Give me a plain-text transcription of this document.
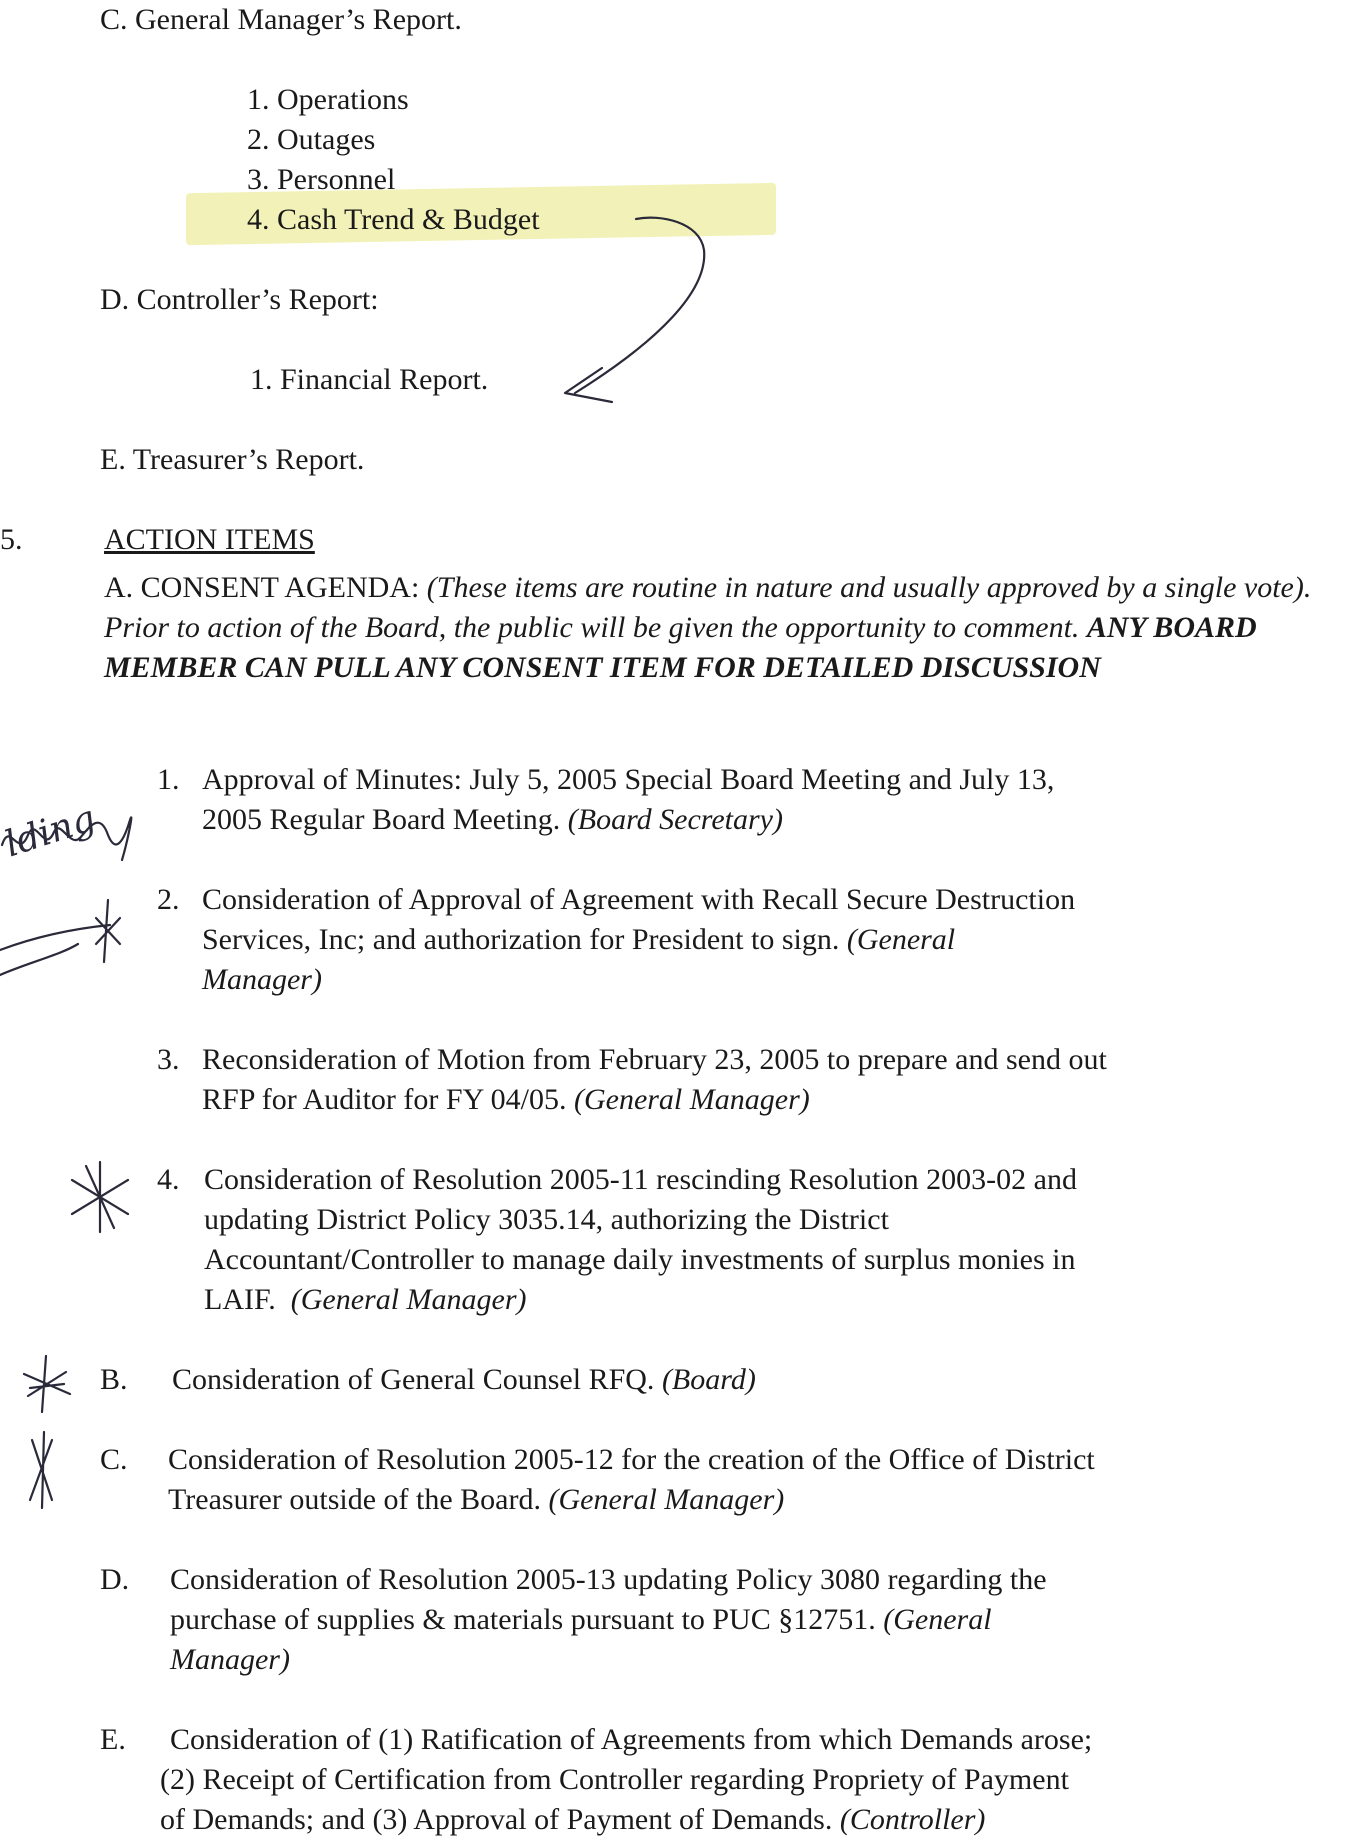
C. General Manager’s Report.
1. Operations
2. Outages
3. Personnel
4. Cash Trend & Budget
D. Controller’s Report:
1. Financial Report.
E. Treasurer’s Report.
5.	ACTION ITEMS
A. CONSENT AGENDA: (These items are routine in nature and usually approved by a single vote). Prior to action of the Board, the public will be given the opportunity to comment. ANY BOARD MEMBER CAN PULL ANY CONSENT ITEM FOR DETAILED DISCUSSION
1. Approval of Minutes: July 5, 2005 Special Board Meeting and July 13,
2005 Regular Board Meeting. (Board Secretary)
2. Consideration of Approval of Agreement with Recall Secure Destruction
Services, Inc; and authorization for President to sign. (General
Manager)
3. Reconsideration of Motion from February 23, 2005 to prepare and send out
RFP for Auditor for FY 04/05. (General Manager)
4. Consideration of Resolution 2005-11 rescinding Resolution 2003-02 and
updating District Policy 3035.14, authorizing the District
Accountant/Controller to manage daily investments of surplus monies in
LAIF. (General Manager)
B. Consideration of General Counsel RFQ. (Board)
C. Consideration of Resolution 2005-12 for the creation of the Office of District
Treasurer outside of the Board. (General Manager)
D. Consideration of Resolution 2005-13 updating Policy 3080 regarding the
purchase of supplies & materials pursuant to PUC §12751. (General
Manager)
E. Consideration of (1) Ratification of Agreements from which Demands arose;
(2) Receipt of Certification from Controller regarding Propriety of Payment
of Demands; and (3) Approval of Payment of Demands. (Controller)
lding
